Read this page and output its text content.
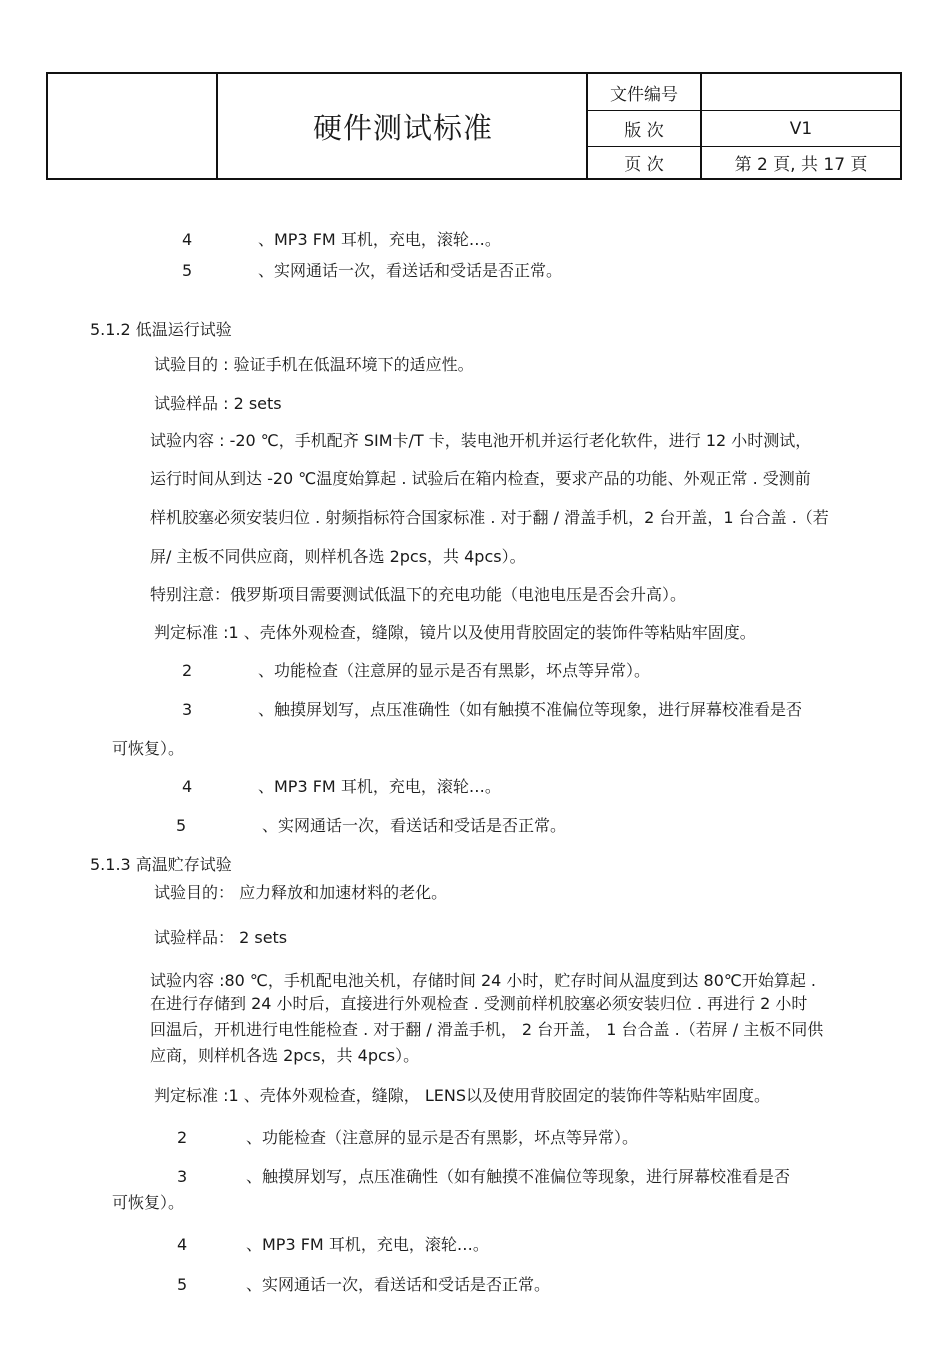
硬件测试标准
文件编号
版 次	V1
页 次	第 2 頁, 共 17 頁
4	、MP3 FM 耳机，充电，滚轮…。
5	、实网通话一次，看送话和受话是否正常。
5.1.2 低温运行试验
试验目的 : 验证手机在低温环境下的适应性。
试验样品 : 2 sets
试验内容 : -20 ℃，手机配齐 SIM卡/T 卡，装电池开机并运行老化软件，进行 12 小时测试，
运行时间从到达 -20 ℃温度始算起 . 试验后在箱内检查，要求产品的功能、外观正常 . 受测前
样机胶塞必须安装归位 . 射频指标符合国家标准 . 对于翻 / 滑盖手机，2 台开盖，1 台合盖 .（若
屏/ 主板不同供应商，则样机各选 2pcs，共 4pcs）。
特别注意：俄罗斯项目需要测试低温下的充电功能（电池电压是否会升高）。
判定标准 :1 、壳体外观检查，缝隙，镜片以及使用背胶固定的装饰件等粘贴牢固度。
2	、功能检查（注意屏的显示是否有黑影，坏点等异常）。
3	、触摸屏划写，点压准确性（如有触摸不准偏位等现象，进行屏幕校准看是否
可恢复）。
4	、MP3 FM 耳机，充电，滚轮…。
5	、实网通话一次，看送话和受话是否正常。
5.1.3 高温贮存试验
试验目的： 应力释放和加速材料的老化。
试验样品： 2 sets
试验内容 :80 ℃，手机配电池关机，存储时间 24 小时，贮存时间从温度到达 80℃开始算起 .
在进行存储到 24 小时后，直接进行外观检查 . 受测前样机胶塞必须安装归位 . 再进行 2 小时
回温后，开机进行电性能检查 . 对于翻 / 滑盖手机， 2 台开盖， 1 台合盖 .（若屏 / 主板不同供
应商，则样机各选 2pcs，共 4pcs）。
判定标准 :1 、壳体外观检查，缝隙， LENS以及使用背胶固定的装饰件等粘贴牢固度。
2	、功能检查（注意屏的显示是否有黑影，坏点等异常）。
3	、触摸屏划写，点压准确性（如有触摸不准偏位等现象，进行屏幕校准看是否
可恢复）。
4	、MP3 FM 耳机，充电，滚轮…。
5	、实网通话一次，看送话和受话是否正常。
